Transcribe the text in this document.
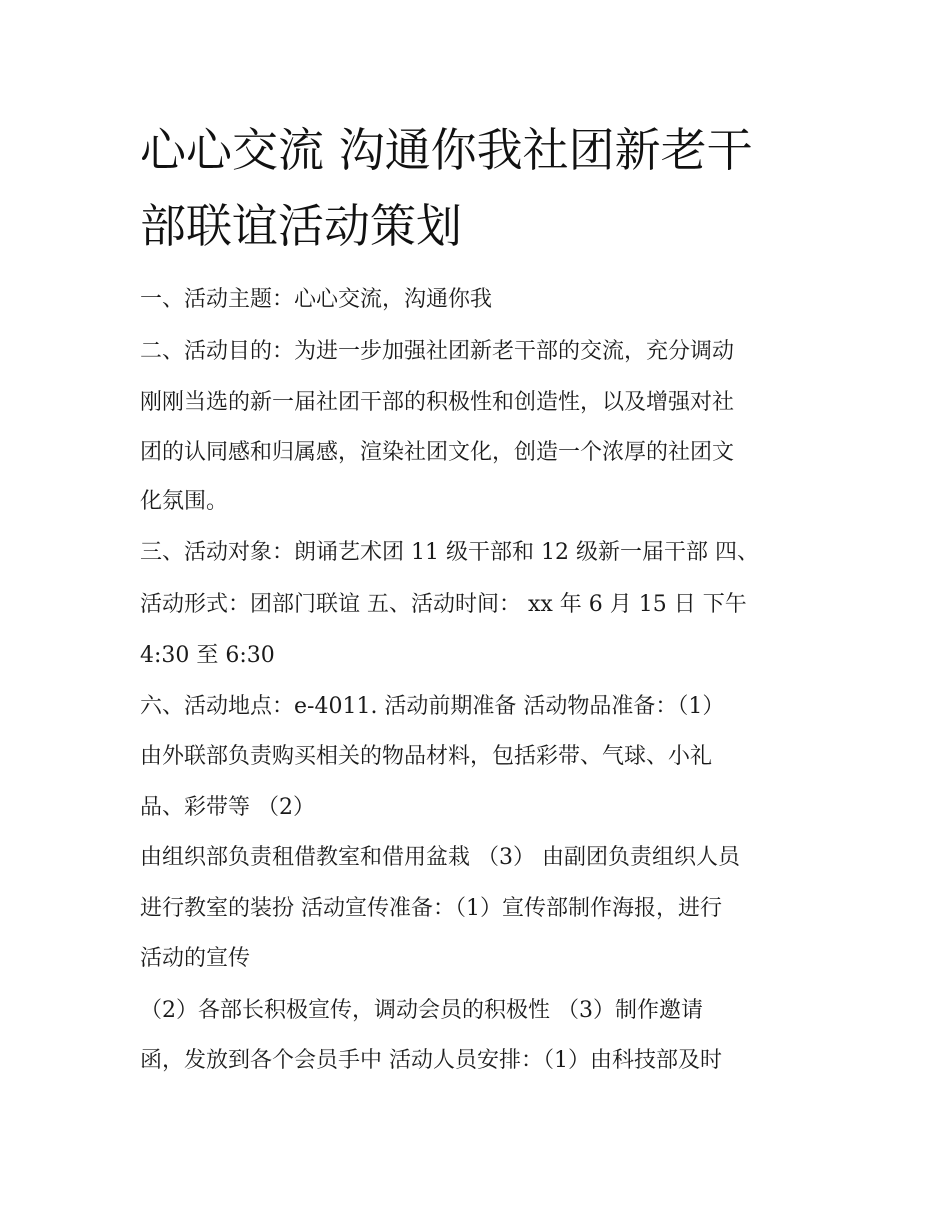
心心交流 沟通你我社团新老干
部联谊活动策划

一、活动主题：心心交流，沟通你我

二、活动目的：为进一步加强社团新老干部的交流，充分调动

刚刚当选的新一届社团干部的积极性和创造性，以及增强对社

团的认同感和归属感，渲染社团文化，创造一个浓厚的社团文

化氛围。

三、活动对象：朗诵艺术团 11 级干部和 12 级新一届干部 四、

活动形式：团部门联谊 五、活动时间： xx 年 6 月 15 日 下午

4:30 至 6:30

六、活动地点：e-4011. 活动前期准备 活动物品准备：（1）

由外联部负责购买相关的物品材料，包括彩带、气球、小礼

品、彩带等 （2）

由组织部负责租借教室和借用盆栽 （3） 由副团负责组织人员

进行教室的装扮 活动宣传准备：（1）宣传部制作海报，进行

活动的宣传

（2）各部长积极宣传，调动会员的积极性 （3）制作邀请

函，发放到各个会员手中 活动人员安排：（1）由科技部及时
